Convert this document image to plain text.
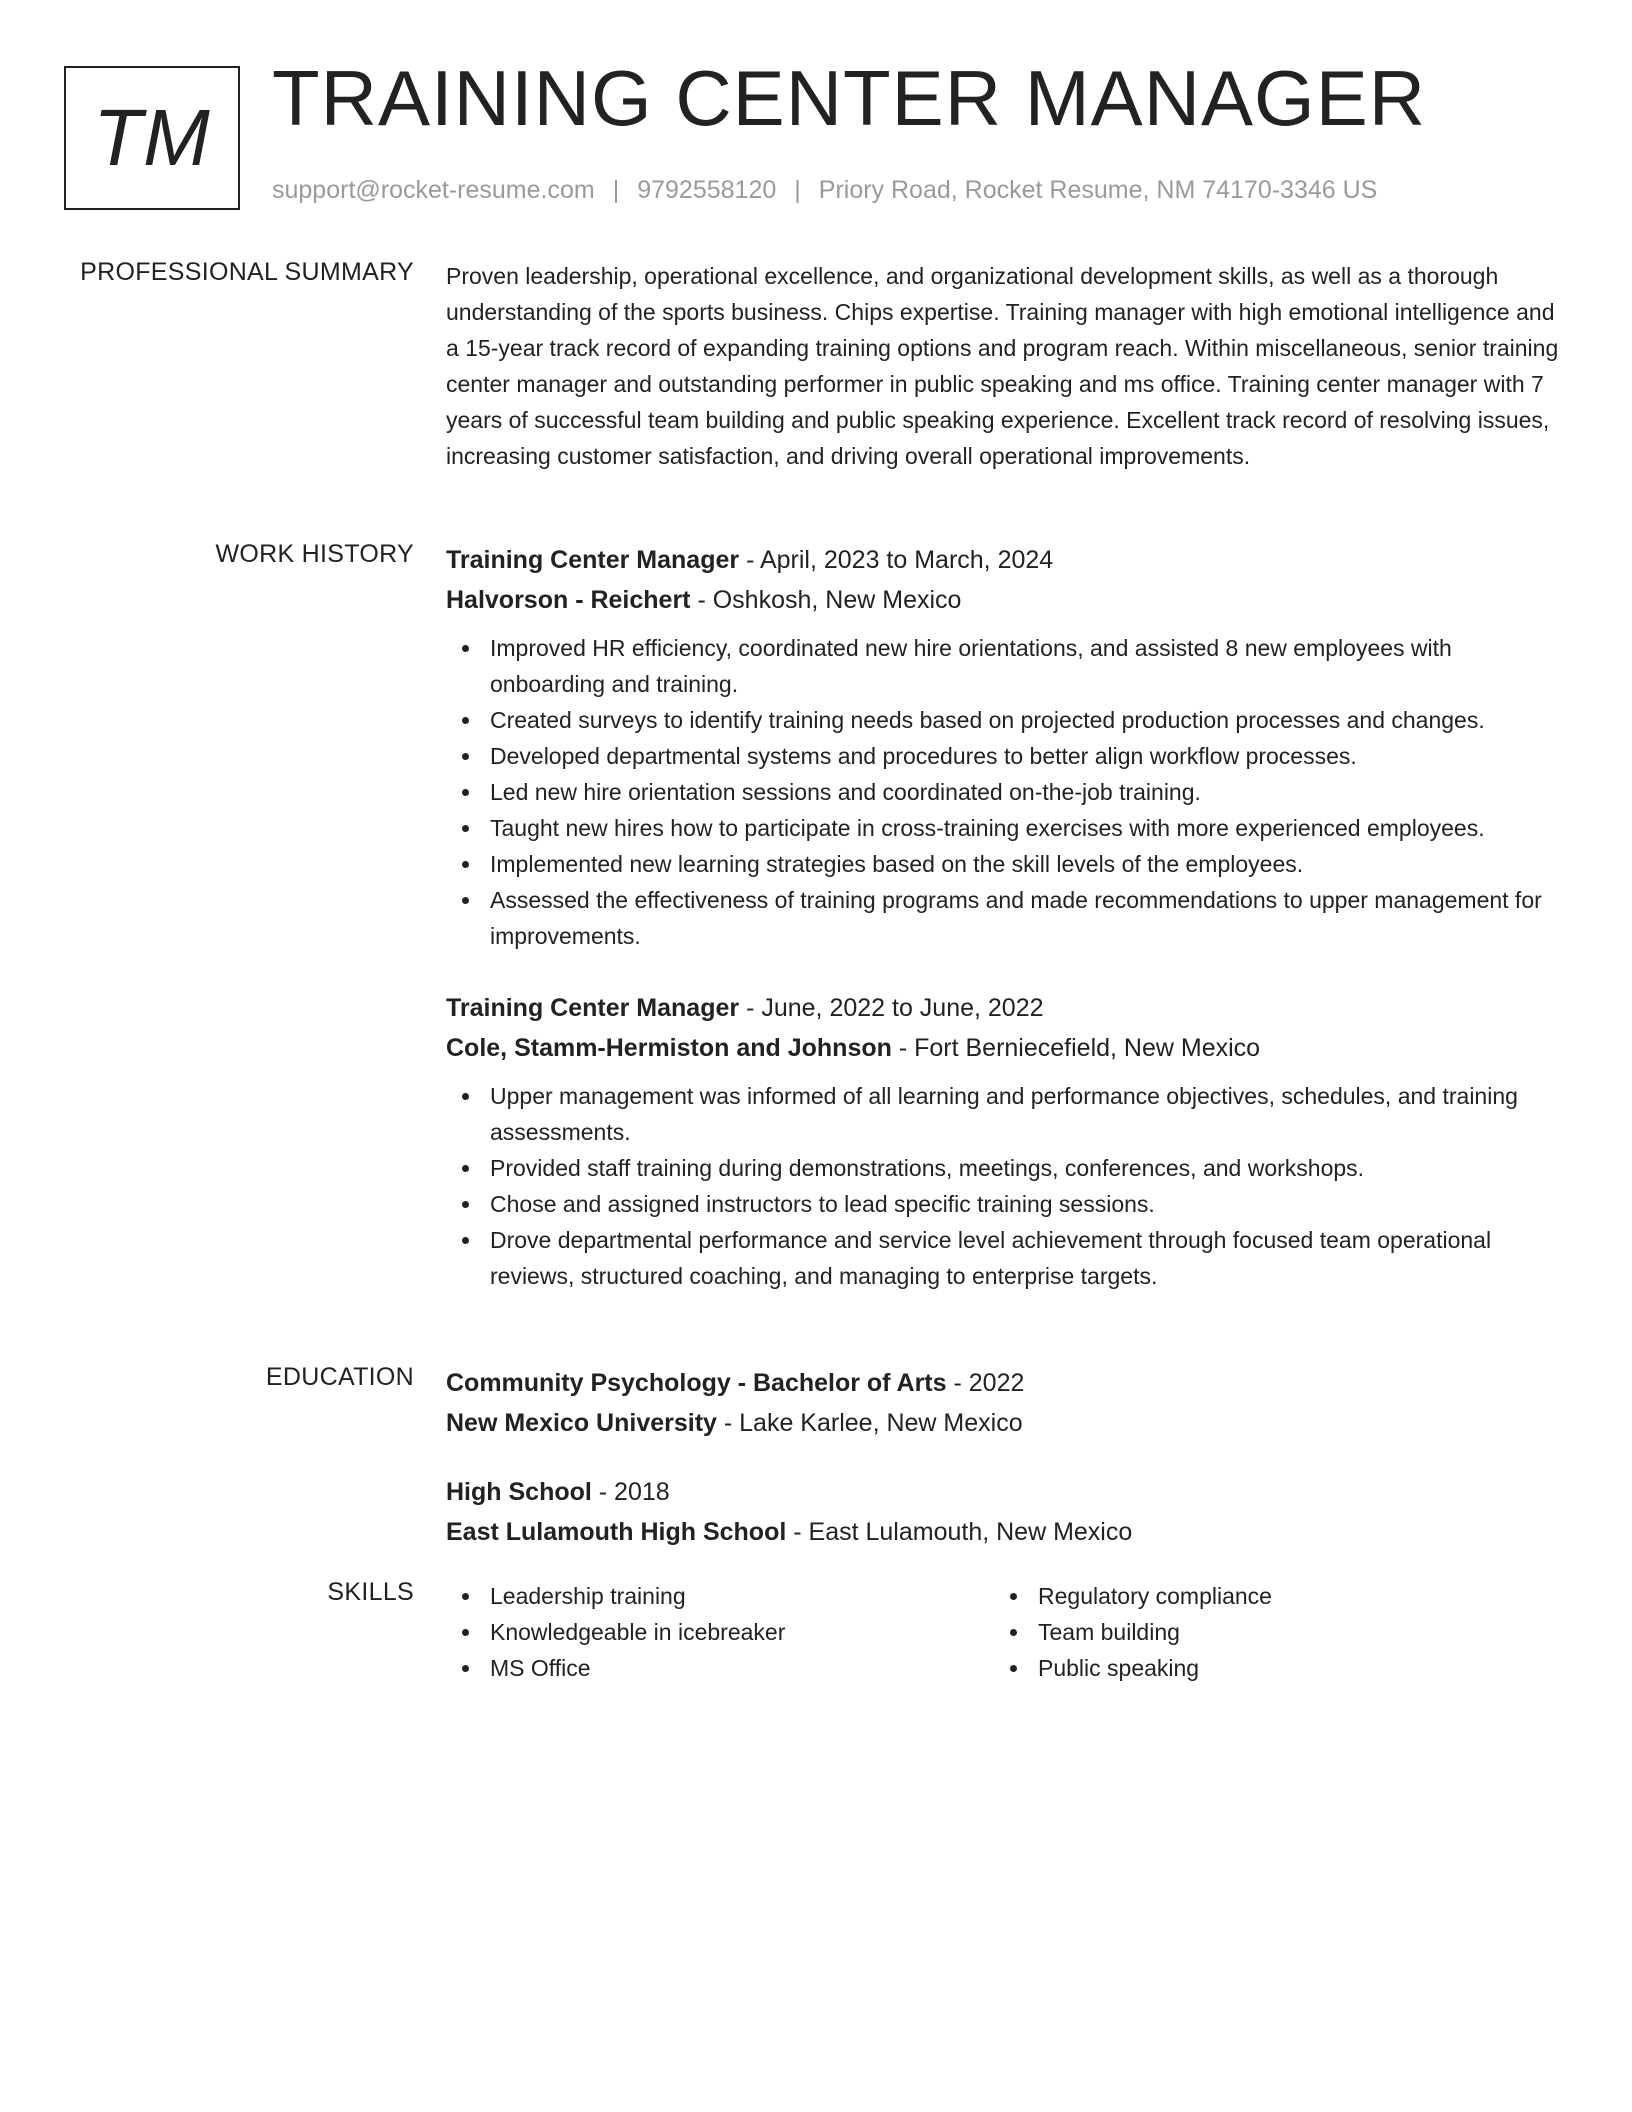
TM TRAINING CENTER MANAGER
support@rocket-resume.com | 9792558120 | Priory Road, Rocket Resume, NM 74170-3346 US
PROFESSIONAL SUMMARY Proven leadership, operational excellence, and organizational development skills, as well as a thorough understanding of the sports business. Chips expertise. Training manager with high emotional intelligence and a 15-year track record of expanding training options and program reach. Within miscellaneous, senior training center manager and outstanding performer in public speaking and ms office. Training center manager with 7 years of successful team building and public speaking experience. Excellent track record of resolving issues, increasing customer satisfaction, and driving overall operational improvements.

WORK HISTORY Training Center Manager - April, 2023 to March, 2024
Halvorson - Reichert - Oshkosh, New Mexico
Improved HR efficiency, coordinated new hire orientations, and assisted 8 new employees with onboarding and training.
Created surveys to identify training needs based on projected production processes and changes.
Developed departmental systems and procedures to better align workflow processes.
Led new hire orientation sessions and coordinated on-the-job training.
Taught new hires how to participate in cross-training exercises with more experienced employees.
Implemented new learning strategies based on the skill levels of the employees.
Assessed the effectiveness of training programs and made recommendations to upper management for improvements.
Training Center Manager - June, 2022 to June, 2022
Cole, Stamm-Hermiston and Johnson - Fort Berniecefield, New Mexico
Upper management was informed of all learning and performance objectives, schedules, and training assessments.
Provided staff training during demonstrations, meetings, conferences, and workshops.
Chose and assigned instructors to lead specific training sessions.
Drove departmental performance and service level achievement through focused team operational reviews, structured coaching, and managing to enterprise targets.
EDUCATION Community Psychology - Bachelor of Arts - 2022
New Mexico University - Lake Karlee, New Mexico
High School - 2018
East Lulamouth High School - East Lulamouth, New Mexico
SKILLS	Leadership training
Knowledgeable in icebreaker
MS Office
Regulatory compliance
Team building
Public speaking
